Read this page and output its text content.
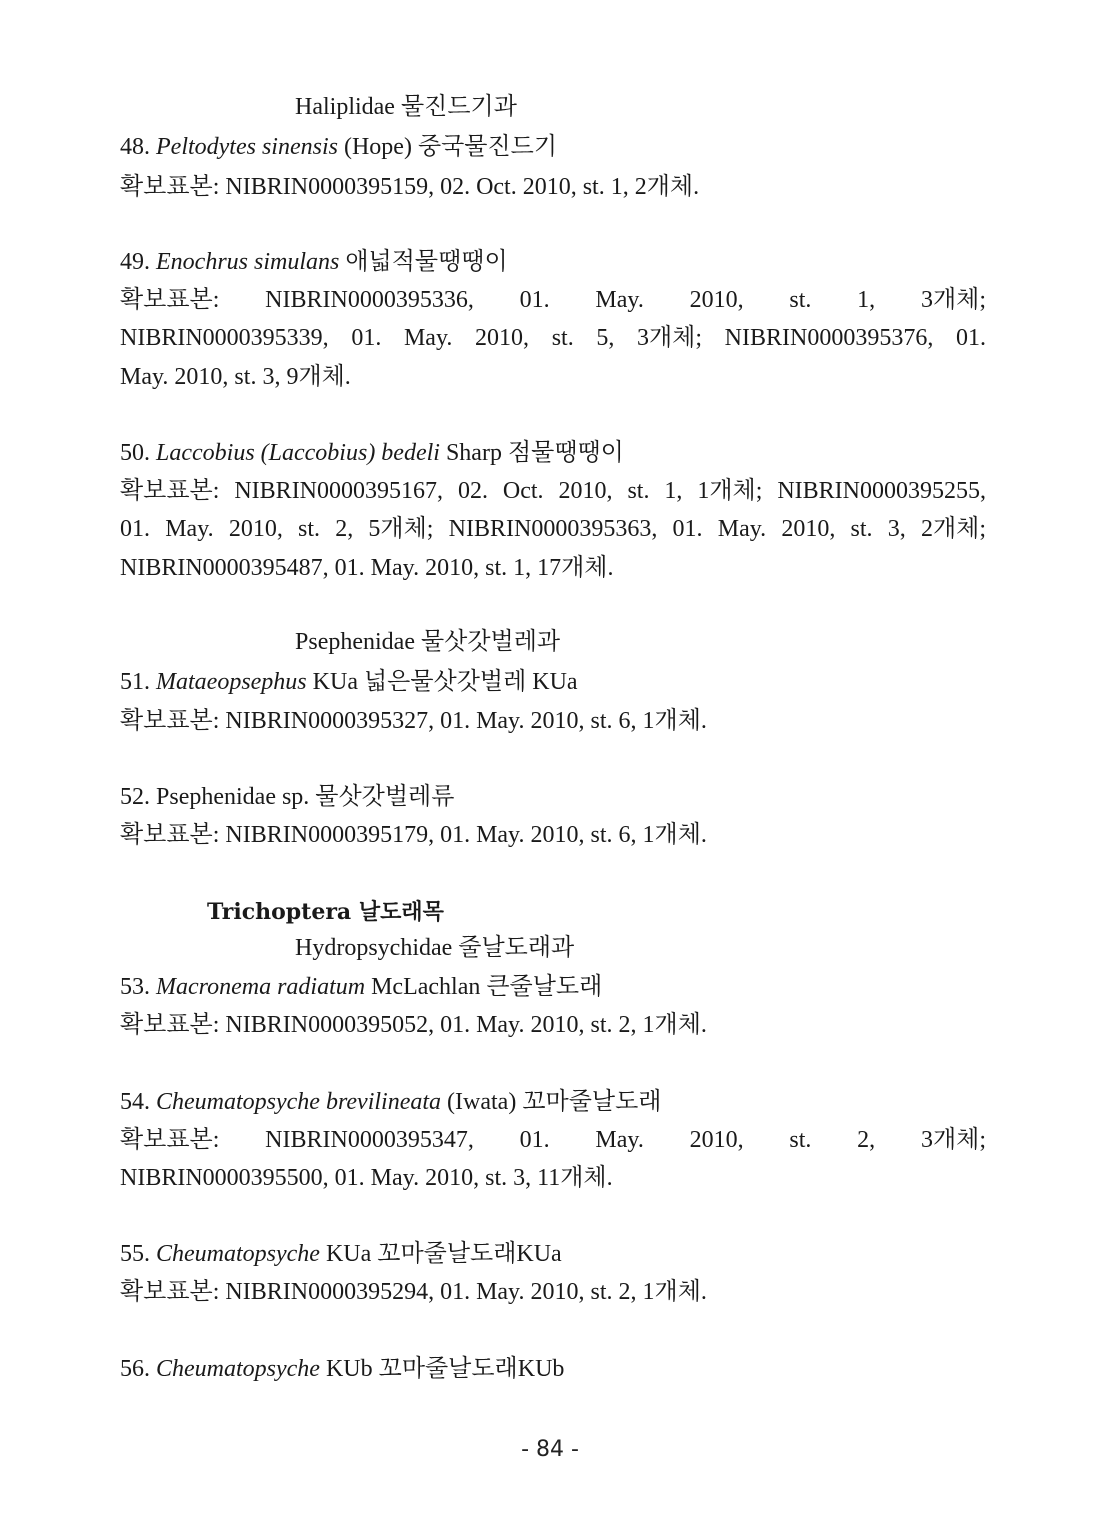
Haliplidae 물진드기과
48. Peltodytes sinensis (Hope) 중국물진드기
확보표본: NIBRIN0000395159, 02. Oct. 2010, st. 1, 2개체.
49. Enochrus simulans 애넓적물땡땡이
확보표본: NIBRIN0000395336, 01. May. 2010, st. 1, 3개체;
NIBRIN0000395339, 01. May. 2010, st. 5, 3개체; NIBRIN0000395376, 01.
May. 2010, st. 3, 9개체.
50. Laccobius (Laccobius) bedeli Sharp 점물땡땡이
확보표본: NIBRIN0000395167, 02. Oct. 2010, st. 1, 1개체; NIBRIN0000395255,
01. May. 2010, st. 2, 5개체; NIBRIN0000395363, 01. May. 2010, st. 3, 2개체;
NIBRIN0000395487, 01. May. 2010, st. 1, 17개체.
Psephenidae 물삿갓벌레과
51. Mataeopsephus KUa 넓은물삿갓벌레 KUa
확보표본: NIBRIN0000395327, 01. May. 2010, st. 6, 1개체.
52. Psephenidae sp. 물삿갓벌레류
확보표본: NIBRIN0000395179, 01. May. 2010, st. 6, 1개체.
Trichoptera 날도래목
Hydropsychidae 줄날도래과
53. Macronema radiatum McLachlan 큰줄날도래
확보표본: NIBRIN0000395052, 01. May. 2010, st. 2, 1개체.
54. Cheumatopsyche brevilineata (Iwata) 꼬마줄날도래
확보표본: NIBRIN0000395347, 01. May. 2010, st. 2, 3개체;
NIBRIN0000395500, 01. May. 2010, st. 3, 11개체.
55. Cheumatopsyche KUa 꼬마줄날도래KUa
확보표본: NIBRIN0000395294, 01. May. 2010, st. 2, 1개체.
56. Cheumatopsyche KUb 꼬마줄날도래KUb
- 84 -
